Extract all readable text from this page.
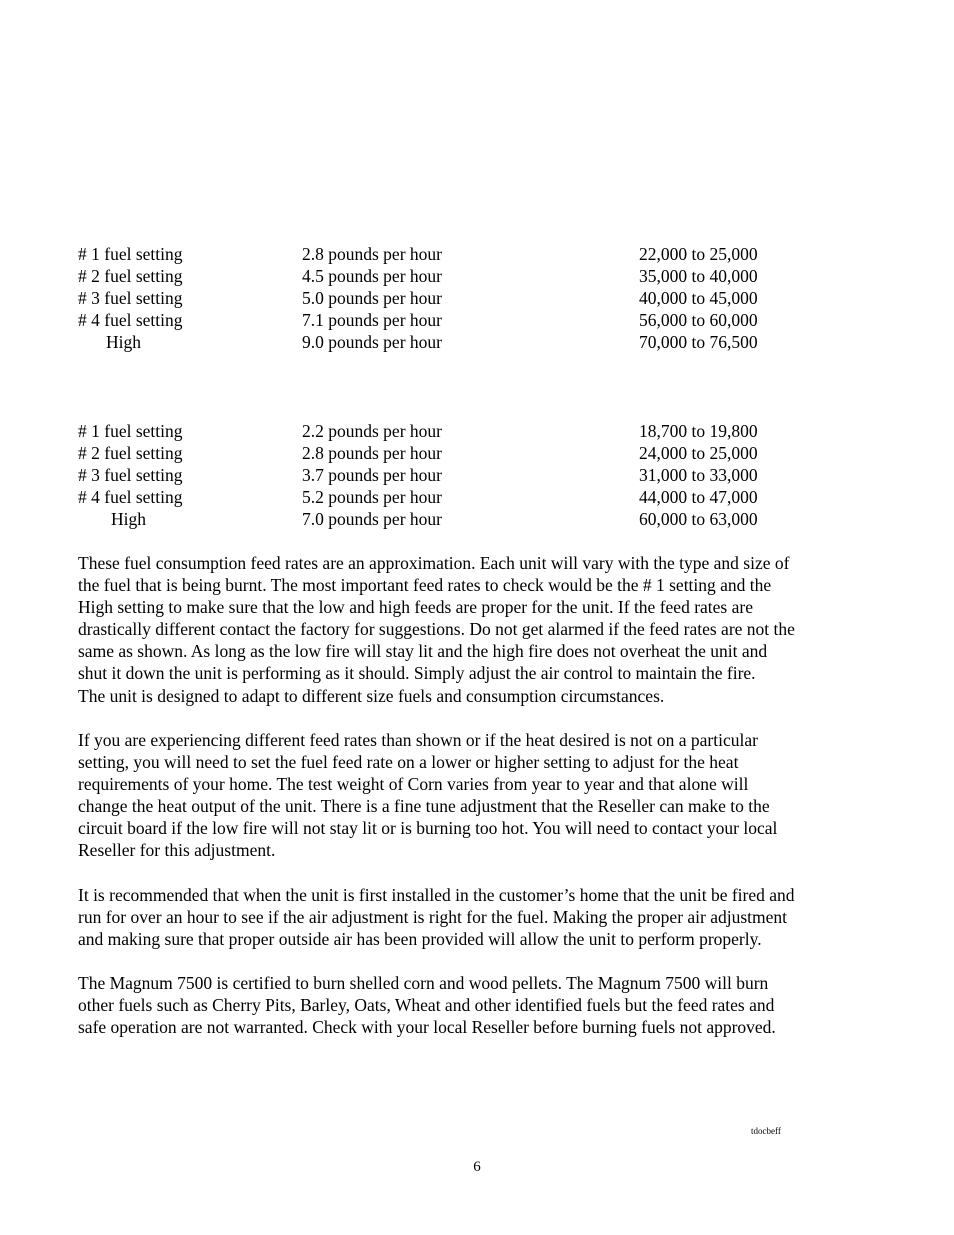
# 1 fuel setting	2.8 pounds per hour	22,000 to 25,000
# 2 fuel setting	4.5 pounds per hour	35,000 to 40,000
# 3 fuel setting	5.0 pounds per hour	40,000 to 45,000
# 4 fuel setting	7.1 pounds per hour	56,000 to 60,000
High	9.0 pounds per hour	70,000 to 76,500
# 1 fuel setting	2.2 pounds per hour	18,700 to 19,800
# 2 fuel setting	2.8 pounds per hour	24,000 to 25,000
# 3 fuel setting	3.7 pounds per hour	31,000 to 33,000
# 4 fuel setting	5.2 pounds per hour	44,000 to 47,000
High	7.0 pounds per hour	60,000 to 63,000
These fuel consumption feed rates are an approximation. Each unit will vary with the type and size of
the fuel that is being burnt. The most important feed rates to check would be the # 1 setting and the
High setting to make sure that the low and high feeds are proper for the unit. If the feed rates are
drastically different contact the factory for suggestions. Do not get alarmed if the feed rates are not the
same as shown. As long as the low fire will stay lit and the high fire does not overheat the unit and
shut it down the unit is performing as it should. Simply adjust the air control to maintain the fire.
The unit is designed to adapt to different size fuels and consumption circumstances.
If you are experiencing different feed rates than shown or if the heat desired is not on a particular
setting, you will need to set the fuel feed rate on a lower or higher setting to adjust for the heat
requirements of your home. The test weight of Corn varies from year to year and that alone will
change the heat output of the unit. There is a fine tune adjustment that the Reseller can make to the
circuit board if the low fire will not stay lit or is burning too hot. You will need to contact your local
Reseller for this adjustment.
It is recommended that when the unit is first installed in the customer’s home that the unit be fired and
run for over an hour to see if the air adjustment is right for the fuel. Making the proper air adjustment
and making sure that proper outside air has been provided will allow the unit to perform properly.
The Magnum 7500 is certified to burn shelled corn and wood pellets. The Magnum 7500 will burn
other fuels such as Cherry Pits, Barley, Oats, Wheat and other identified fuels but the feed rates and
safe operation are not warranted. Check with your local Reseller before burning fuels not approved.
tdocbeff
6
